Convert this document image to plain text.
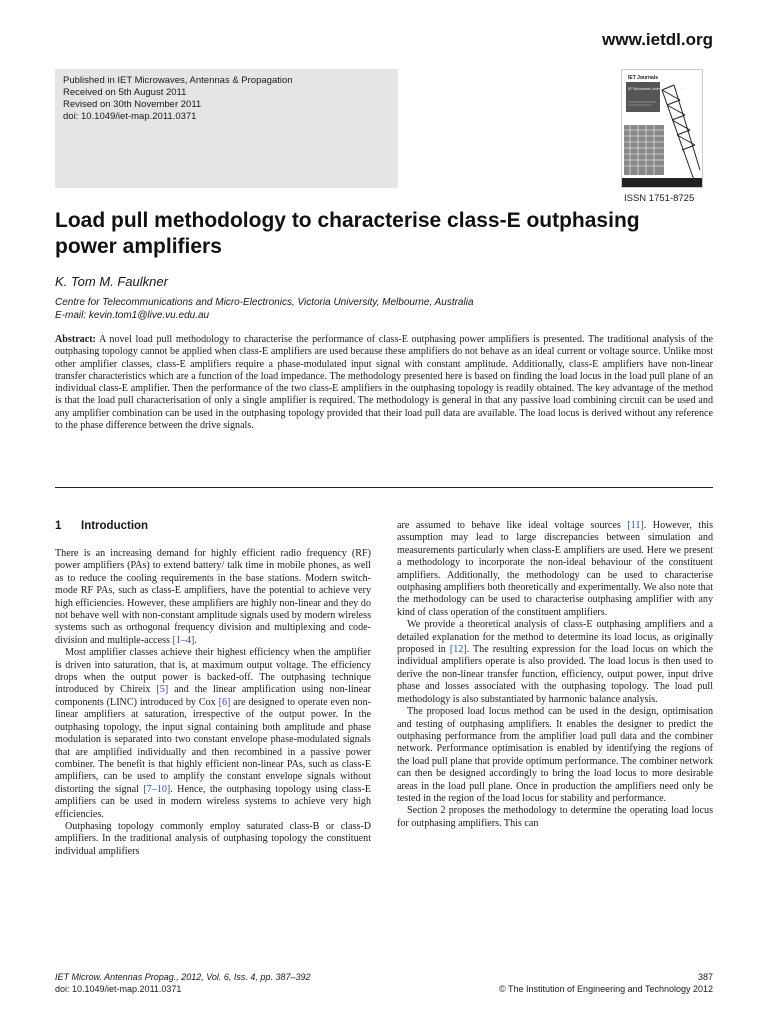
www.ietdl.org
Published in IET Microwaves, Antennas & Propagation
Received on 5th August 2011
Revised on 30th November 2011
doi: 10.1049/iet-map.2011.0371
IET Journals
IET Microwaves, Antennas & Propagation
ISSN 1751-8725
Load pull methodology to characterise class-E outphasing power amplifiers
K. Tom M. Faulkner
Centre for Telecommunications and Micro-Electronics, Victoria University, Melbourne, Australia
E-mail: kevin.tom1@live.vu.edu.au

Abstract: A novel load pull methodology to characterise the performance of class-E outphasing power amplifiers is presented. The traditional analysis of the outphasing topology cannot be applied when class-E amplifiers are used because these amplifiers do not behave as an ideal current or voltage source. Unlike most other amplifier classes, class-E amplifiers require a phase-modulated input signal with constant amplitude. Additionally, class-E amplifiers have non-linear transfer characteristics which are a function of the load impedance. The methodology presented here is based on finding the load locus in the load pull plane of an individual class-E amplifier. Then the performance of the two class-E amplifiers in the outphasing topology is readily obtained. The key advantage of the method is that the load pull characterisation of only a single amplifier is required. The methodology is general in that any passive load combining circuit can be used and any amplifier combination can be used in the outphasing topology provided that their load pull data are available. The load locus is derived without any reference to the phase difference between the drive signals.

1 Introduction

There is an increasing demand for highly efficient radio frequency (RF) power amplifiers (PAs) to extend battery/ talk time in mobile phones, as well as to reduce the cooling requirements in the base stations. Modern switch-mode RF PAs, such as class-E amplifiers, have the potential to achieve very high efficiencies. However, these amplifiers are highly non-linear and they do not behave well with non-constant amplitude signals used by modern wireless systems such as orthogonal frequency division and multiplexing and code-division and multiple-access [1–4].

Most amplifier classes achieve their highest efficiency when the amplifier is driven into saturation, that is, at maximum output voltage. The efficiency drops when the output power is backed-off. The outphasing technique introduced by Chireix [5] and the linear amplification using non-linear components (LINC) introduced by Cox [6] are designed to operate even non-linear amplifiers at saturation, irrespective of the output power. In the outphasing topology, the input signal containing both amplitude and phase modulation is separated into two constant envelope phase-modulated signals that are amplified individually and then recombined in a passive power combiner. The benefit is that highly efficient non-linear PAs, such as class-E amplifiers, can be used to amplify the constant envelope signals without distorting the signal [7–10]. Hence, the outphasing topology using class-E amplifiers can be used in modern wireless systems to achieve very high efficiencies.

Outphasing topology commonly employ saturated class-B or class-D amplifiers. In the traditional analysis of outphasing topology the constituent individual amplifiers

are assumed to behave like ideal voltage sources [11]. However, this assumption may lead to large discrepancies between simulation and measurements particularly when class-E amplifiers are used. Here we present a methodology to incorporate the non-ideal behaviour of the constituent amplifiers. Additionally, the methodology can be used to characterise outphasing amplifiers both theoretically and experimentally. We also note that the methodology can be used to characterise outphasing amplifier with any kind of class operation of the constituent amplifiers.

We provide a theoretical analysis of class-E outphasing amplifiers and a detailed explanation for the method to determine its load locus, as originally proposed in [12]. The resulting expression for the load locus on which the individual amplifiers operate is also provided. The load locus is then used to derive the non-linear transfer function, efficiency, output power, input drive phase and losses associated with the outphasing topology. The load pull methodology is also substantiated by harmonic balance analysis.

The proposed load locus method can be used in the design, optimisation and testing of outphasing amplifiers. It enables the designer to predict the outphasing performance from the amplifier load pull data and the combiner network. Performance optimisation is enabled by identifying the regions of the load pull plane that provide optimum performance. The combiner network can then be designed accordingly to bring the load locus to more desirable areas in the load pull plane. Once in production the amplifiers need only be tested in the region of the load locus for stability and performance.

Section 2 proposes the methodology to determine the operating load locus for outphasing amplifiers. This can

IET Microw. Antennas Propag., 2012, Vol. 6, Iss. 4, pp. 387–392
doi: 10.1049/iet-map.2011.0371
387
© The Institution of Engineering and Technology 2012
